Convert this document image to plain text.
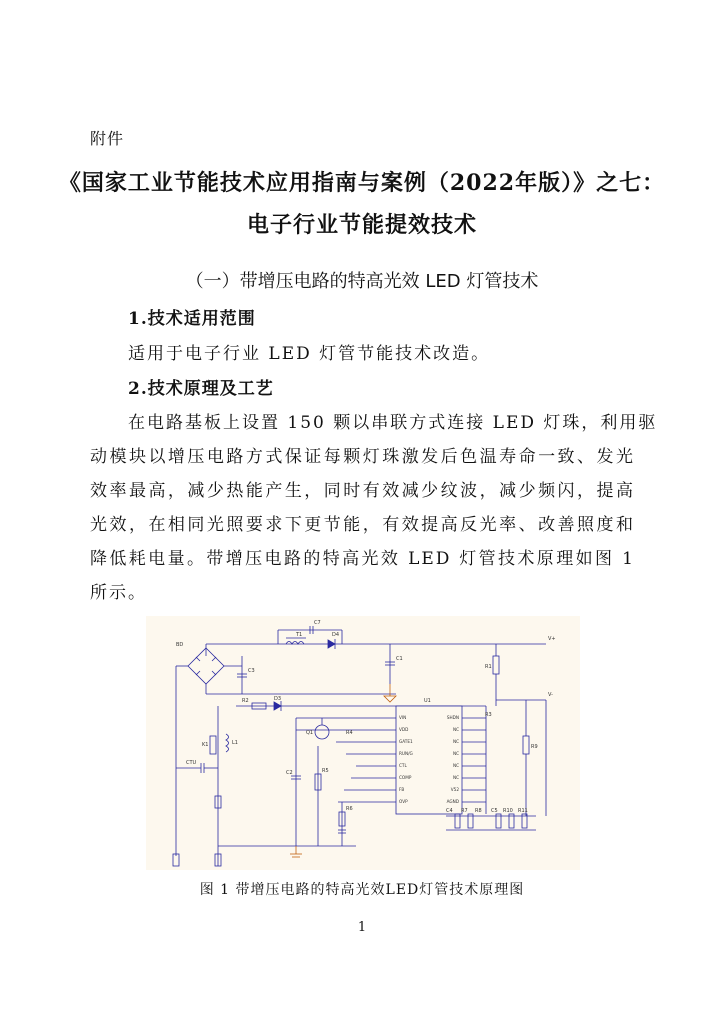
附件
《国家工业节能技术应用指南与案例（2022年版）》之七：
电子行业节能提效技术
（一）带增压电路的特高光效 LED 灯管技术
1.技术适用范围
适用于电子行业 LED 灯管节能技术改造。
2.技术原理及工艺
在电路基板上设置 150 颗以串联方式连接 LED 灯珠，利用驱
动模块以增压电路方式保证每颗灯珠激发后色温寿命一致、发光
效率最高，减少热能产生，同时有效减少纹波，减少频闪，提高
光效，在相同光照要求下更节能，有效提高反光率、改善照度和
降低耗电量。带增压电路的特高光效 LED 灯管技术原理如图 1
所示。
T1
C7
D4
BD
C3
C1
R1
R3
R9
D3
R2
R4
Q1
K1	L1
CTU
C2	R5
R6	C4 R7 R8 C5 R10 R11
V+
V-
U1
VIN
VDD
GATE1
RUN/G
CTL
COMP
FB
OVP
SHDN
NC
NC
NC
NC
NC
V52
AGND
图 1 带增压电路的特高光效LED灯管技术原理图
1
